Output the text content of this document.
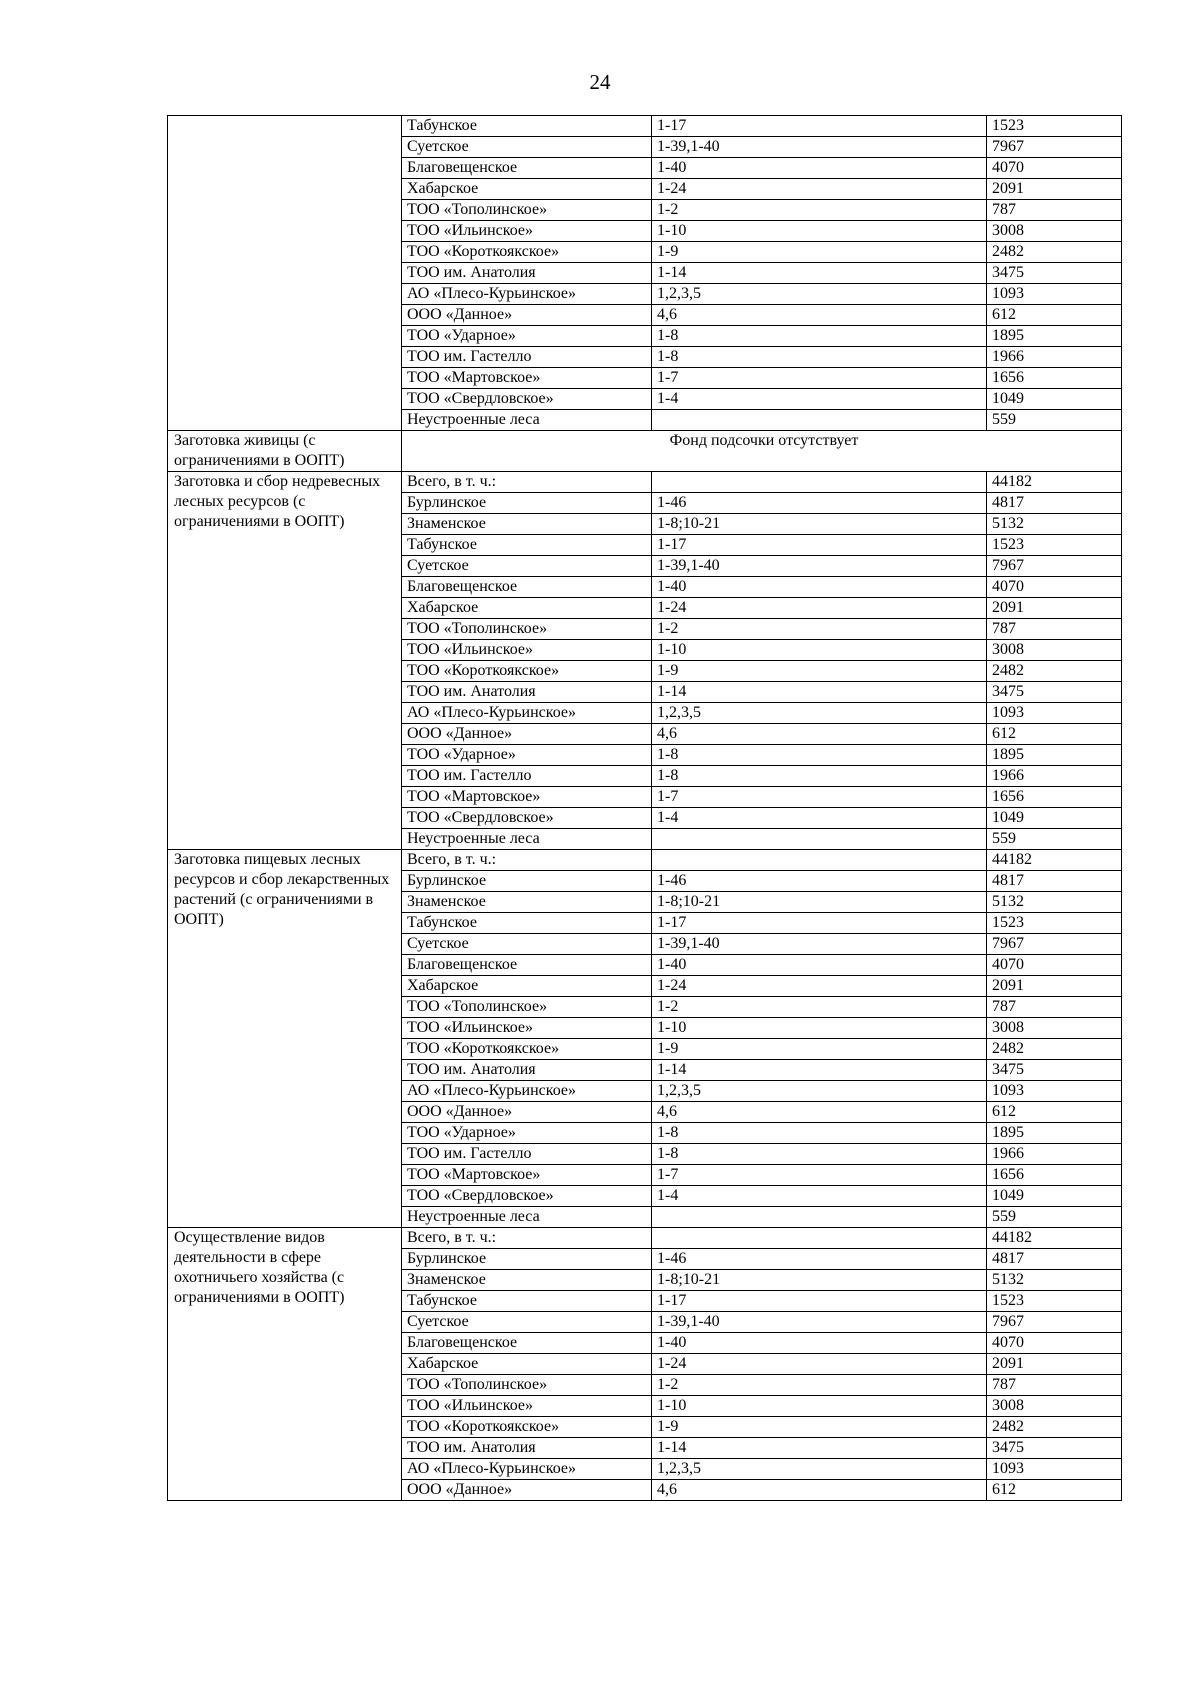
24
	Табунское	1-17	1523
	Суетское	1-39,1-40	7967
	Благовещенское	1-40	4070
	Хабарское	1-24	2091
	ТОО «Тополинское»	1-2	787
	ТОО «Ильинское»	1-10	3008
	ТОО «Короткоякское»	1-9	2482
	ТОО им. Анатолия	1-14	3475
	АО «Плесо-Курьинское»	1,2,3,5	1093
	ООО «Данное»	4,6	612
	ТОО «Ударное»	1-8	1895
	ТОО им. Гастелло	1-8	1966
	ТОО «Мартовское»	1-7	1656
	ТОО «Свердловское»	1-4	1049
	Неустроенные леса		559
Заготовка живицы (с ограничениями в ООПТ)	Фонд подсочки отсутствует		
Заготовка и сбор недревесных лесных ресурсов (с ограничениями в ООПТ)	Всего, в т. ч.:		44182
	Бурлинское	1-46	4817
	Знаменское	1-8;10-21	5132
	Табунское	1-17	1523
	Суетское	1-39,1-40	7967
	Благовещенское	1-40	4070
	Хабарское	1-24	2091
	ТОО «Тополинское»	1-2	787
	ТОО «Ильинское»	1-10	3008
	ТОО «Короткоякское»	1-9	2482
	ТОО им. Анатолия	1-14	3475
	АО «Плесо-Курьинское»	1,2,3,5	1093
	ООО «Данное»	4,6	612
	ТОО «Ударное»	1-8	1895
	ТОО им. Гастелло	1-8	1966
	ТОО «Мартовское»	1-7	1656
	ТОО «Свердловское»	1-4	1049
	Неустроенные леса		559
Заготовка пищевых лесных ресурсов и сбор лекарственных растений (с ограничениями в ООПТ)	Всего, в т. ч.:		44182
	Бурлинское	1-46	4817
	Знаменское	1-8;10-21	5132
	Табунское	1-17	1523
	Суетское	1-39,1-40	7967
	Благовещенское	1-40	4070
	Хабарское	1-24	2091
	ТОО «Тополинское»	1-2	787
	ТОО «Ильинское»	1-10	3008
	ТОО «Короткоякское»	1-9	2482
	ТОО им. Анатолия	1-14	3475
	АО «Плесо-Курьинское»	1,2,3,5	1093
	ООО «Данное»	4,6	612
	ТОО «Ударное»	1-8	1895
	ТОО им. Гастелло	1-8	1966
	ТОО «Мартовское»	1-7	1656
	ТОО «Свердловское»	1-4	1049
	Неустроенные леса		559
Осуществление видов деятельности в сфере охотничьего хозяйства (с ограничениями в ООПТ)	Всего, в т. ч.:		44182
	Бурлинское	1-46	4817
	Знаменское	1-8;10-21	5132
	Табунское	1-17	1523
	Суетское	1-39,1-40	7967
	Благовещенское	1-40	4070
	Хабарское	1-24	2091
	ТОО «Тополинское»	1-2	787
	ТОО «Ильинское»	1-10	3008
	ТОО «Короткоякское»	1-9	2482
	ТОО им. Анатолия	1-14	3475
	АО «Плесо-Курьинское»	1,2,3,5	1093
	ООО «Данное»	4,6	612
